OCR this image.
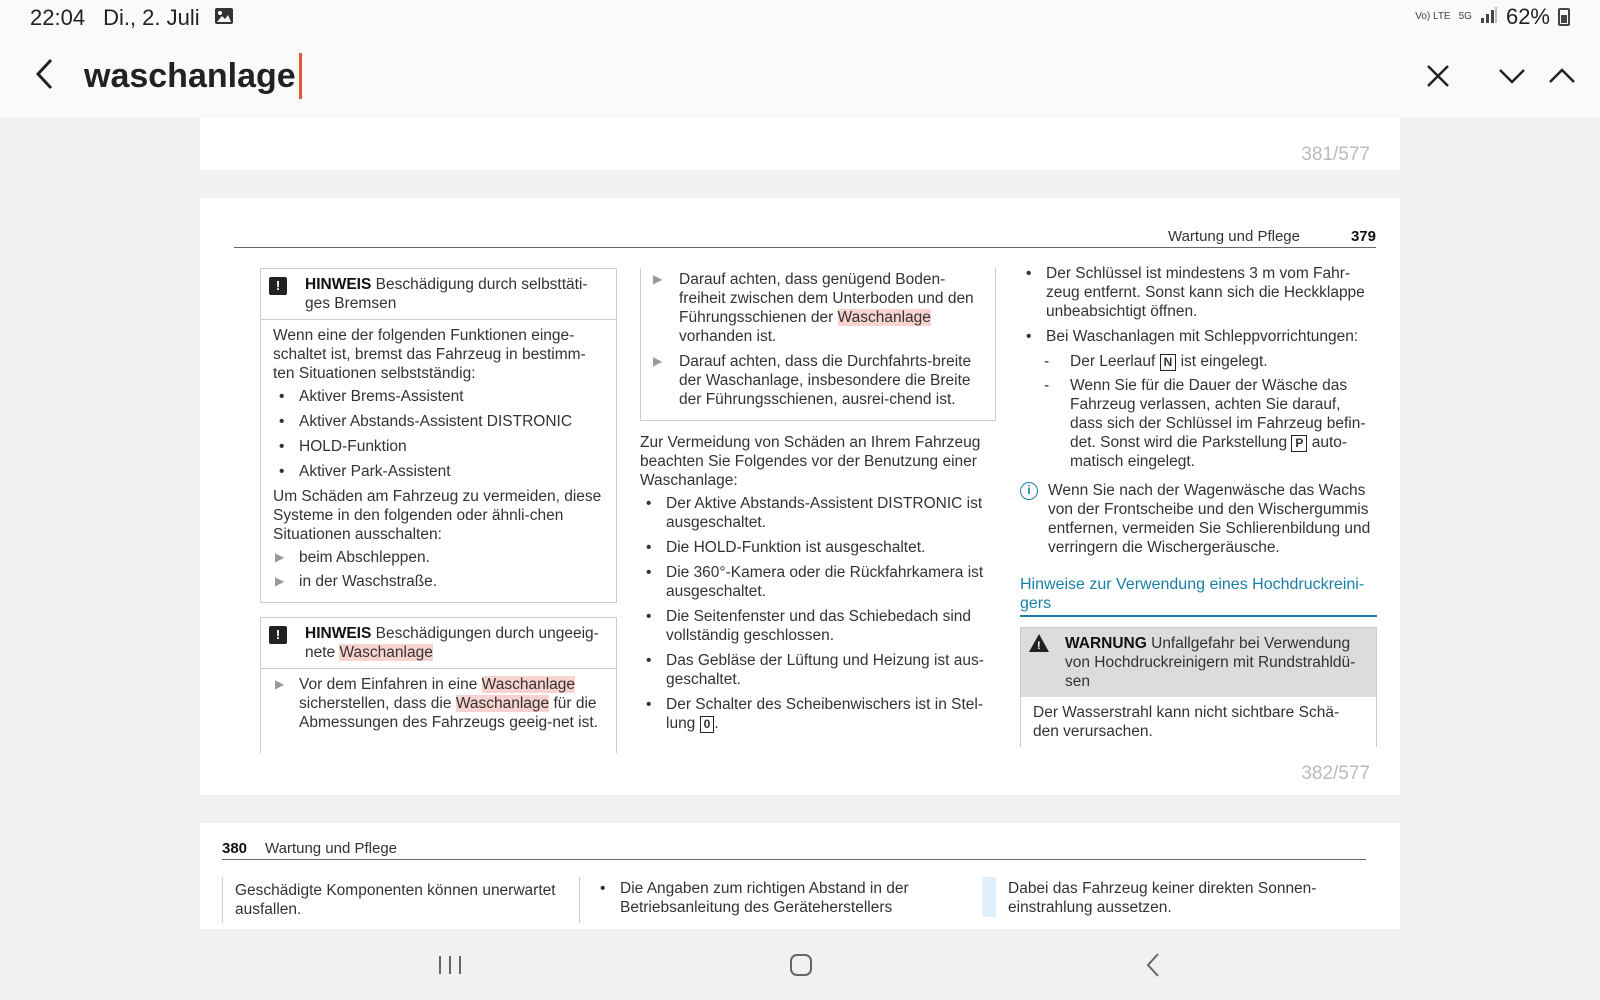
22:04 Di., 2. Juli	Vo) LTE 5G 62%
waschanlage
381/577
Wartung und Pflege	379
!	HINWEIS Beschädigung durch selbsttäti-ges Bremsen
Wenn eine der folgenden Funktionen einge-schaltet ist, bremst das Fahrzeug in bestimm-ten Situationen selbstständig:
• Aktiver Brems-Assistent
• Aktiver Abstands-Assistent DISTRONIC
• HOLD-Funktion
• Aktiver Park-Assistent
Um Schäden am Fahrzeug zu vermeiden, diese Systeme in den folgenden oder ähnli-chen Situationen ausschalten:
▶ beim Abschleppen.
▶ in der Waschstraße.
!	HINWEIS Beschädigungen durch ungeeig-nete Waschanlage
▶ Vor dem Einfahren in eine Waschanlage sicherstellen, dass die Waschanlage für die Abmessungen des Fahrzeugs geeig-net ist.
▶ Darauf achten, dass genügend Boden-freiheit zwischen dem Unterboden und den Führungsschienen der Waschanlage vorhanden ist.
▶ Darauf achten, dass die Durchfahrts-breite der Waschanlage, insbesondere die Breite der Führungsschienen, ausrei-chend ist.
Zur Vermeidung von Schäden an Ihrem Fahrzeug beachten Sie Folgendes vor der Benutzung einer Waschanlage:
• Der Aktive Abstands-Assistent DISTRONIC ist ausgeschaltet.
• Die HOLD-Funktion ist ausgeschaltet.
• Die 360°-Kamera oder die Rückfahrkamera ist ausgeschaltet.
• Die Seitenfenster und das Schiebedach sind vollständig geschlossen.
• Das Gebläse der Lüftung und Heizung ist aus-geschaltet.
• Der Schalter des Scheibenwischers ist in Stel-lung 0 .
• Der Schlüssel ist mindestens 3 m vom Fahr-zeug entfernt. Sonst kann sich die Heckklappe unbeabsichtigt öffnen.
• Bei Waschanlagen mit Schleppvorrichtungen:
- Der Leerlauf N ist eingelegt.
- Wenn Sie für die Dauer der Wäsche das Fahrzeug verlassen, achten Sie darauf, dass sich der Schlüssel im Fahrzeug befin-det. Sonst wird die Parkstellung P auto-matisch eingelegt.
i	Wenn Sie nach der Wagenwäsche das Wachs von der Frontscheibe und den Wischergummis entfernen, vermeiden Sie Schlierenbildung und verringern die Wischergeräusche.
Hinweise zur Verwendung eines Hochdruckreini-gers
!
WARNUNG Unfallgefahr bei Verwendung von Hochdruckreinigern mit Rundstrahldü-sen
Der Wasserstrahl kann nicht sichtbare Schä-den verursachen.
382/577
380 Wartung und Pflege
Geschädigte Komponenten können unerwartet ausfallen.
• Die Angaben zum richtigen Abstand in der Betriebsanleitung des Geräteherstellers
Dabei das Fahrzeug keiner direkten Sonnen-einstrahlung aussetzen.
